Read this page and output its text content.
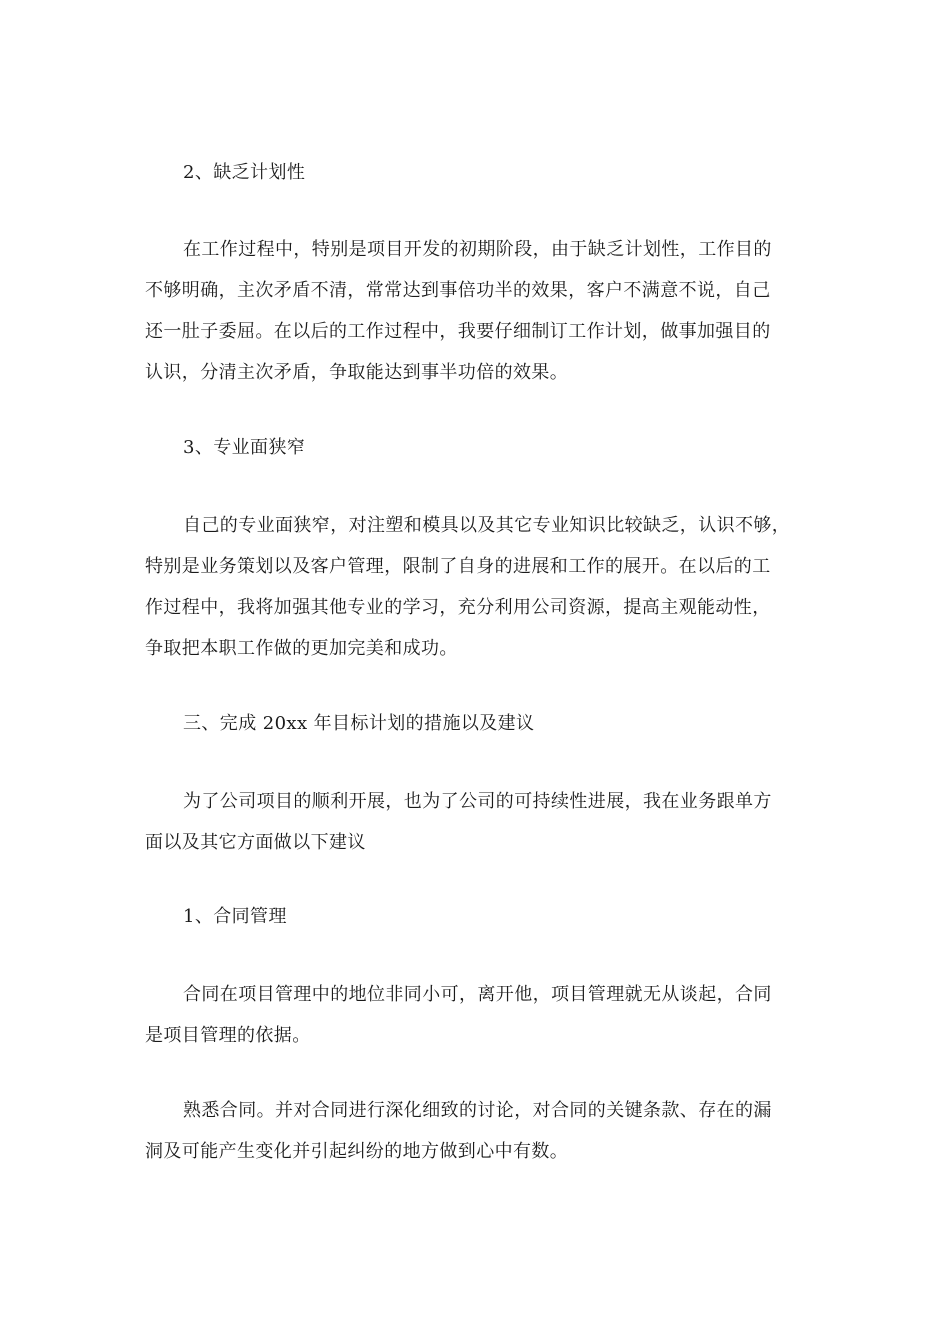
2、缺乏计划性

在工作过程中，特别是项目开发的初期阶段，由于缺乏计划性，工作目的
不够明确，主次矛盾不清，常常达到事倍功半的效果，客户不满意不说，自己
还一肚子委屈。在以后的工作过程中，我要仔细制订工作计划，做事加强目的
认识，分清主次矛盾，争取能达到事半功倍的效果。

3、专业面狭窄

自己的专业面狭窄，对注塑和模具以及其它专业知识比较缺乏，认识不够，
特别是业务策划以及客户管理，限制了自身的进展和工作的展开。在以后的工
作过程中，我将加强其他专业的学习，充分利用公司资源，提高主观能动性，
争取把本职工作做的更加完美和成功。

三、完成 20xx 年目标计划的措施以及建议

为了公司项目的顺利开展，也为了公司的可持续性进展，我在业务跟单方
面以及其它方面做以下建议

1、合同管理

合同在项目管理中的地位非同小可，离开他，项目管理就无从谈起，合同
是项目管理的依据。
熟悉合同。并对合同进行深化细致的讨论，对合同的关键条款、存在的漏
洞及可能产生变化并引起纠纷的地方做到心中有数。
